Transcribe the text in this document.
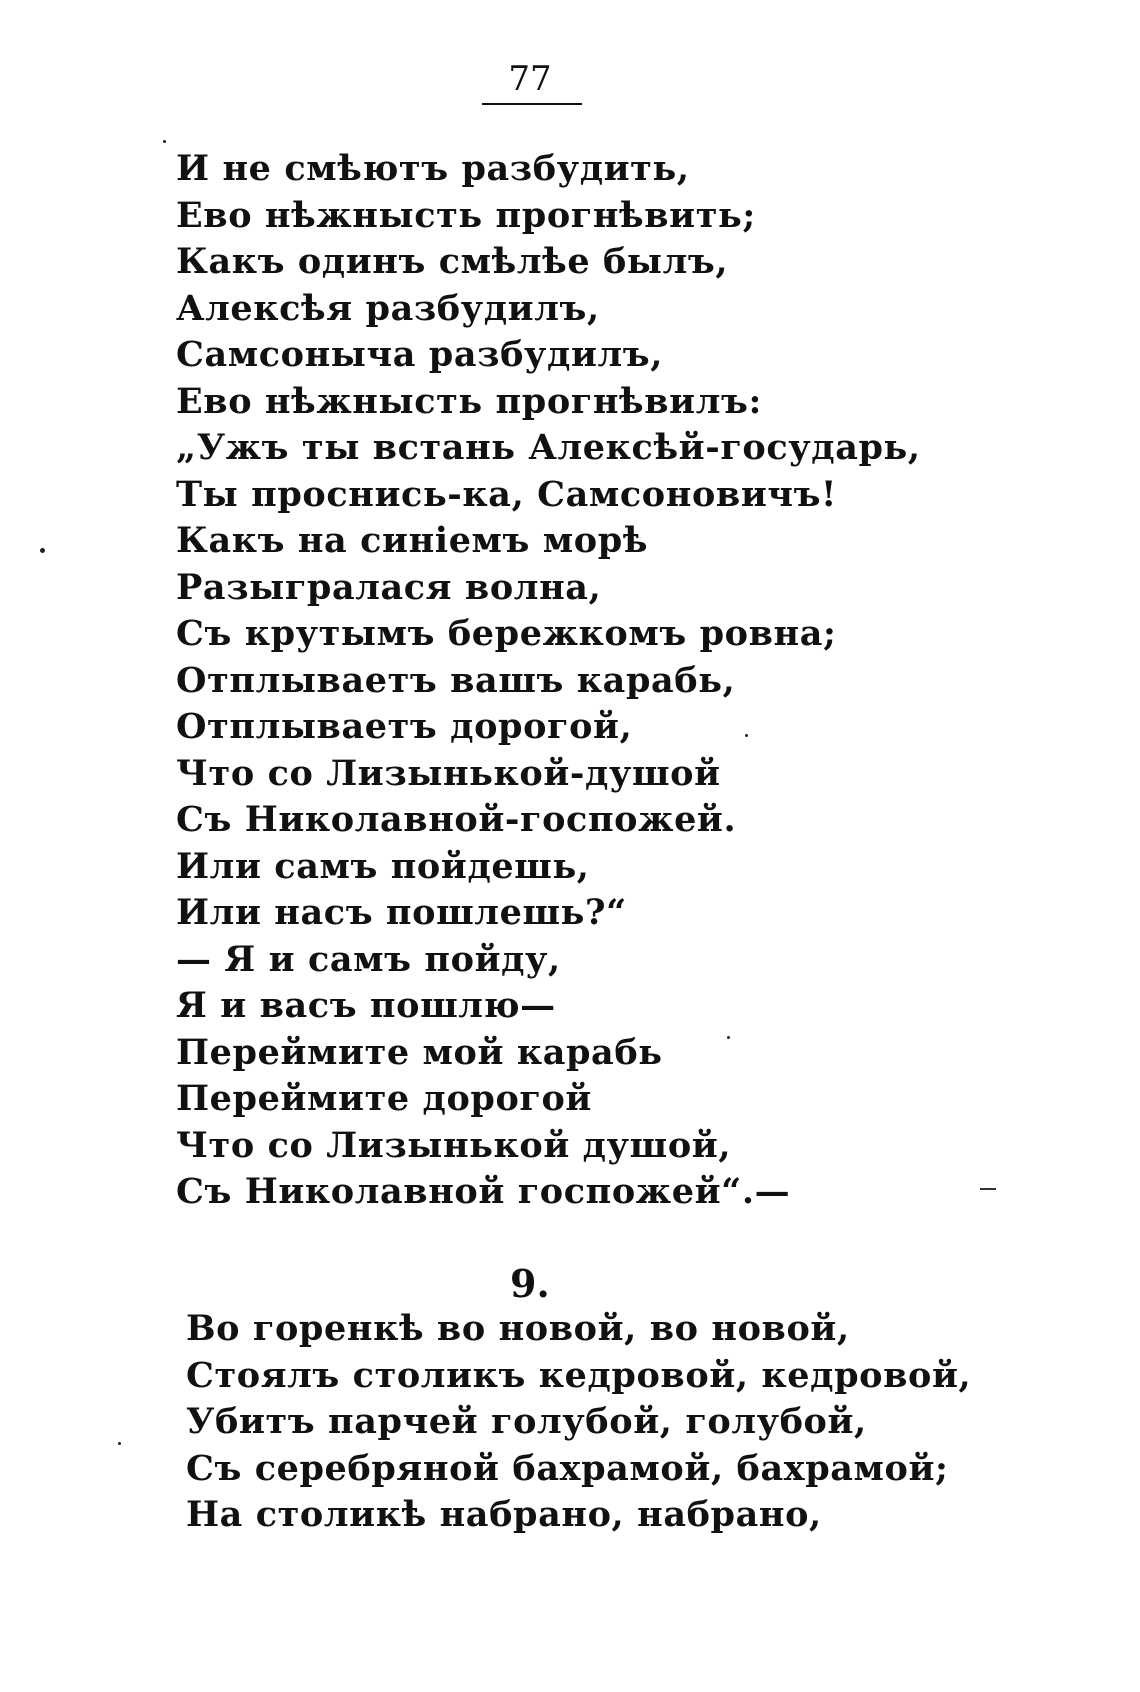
77
И не смѣютъ разбудить,
Ево нѣжнысть прогнѣвить;
Какъ одинъ смѣлѣе былъ,
Алексѣя разбудилъ,
Самсоныча разбудилъ,
Ево нѣжнысть прогнѣвилъ:
„Ужъ ты встань Алексѣй-государь,
Ты проснись-ка, Самсоновичъ!
Какъ на синіемъ морѣ
Разыгралася волна,
Съ крутымъ бережкомъ ровна;
Отплываетъ вашъ карабь,
Отплываетъ дорогой,
Что со Лизынькой-душой
Съ Николавной-госпожей.
Или самъ пойдешь,
Или насъ пошлешь?“
— Я и самъ пойду,
Я и васъ пошлю—
Переймите мой карабь
Переймите дорогой
Что со Лизынькой душой,
Съ Николавной госпожей“.—
9.
Во горенкѣ во новой, во новой,
Стоялъ столикъ кедровой, кедровой,
Убитъ парчей голубой, голубой,
Съ серебряной бахрамой, бахрамой;
На столикѣ набрано, набрано,
